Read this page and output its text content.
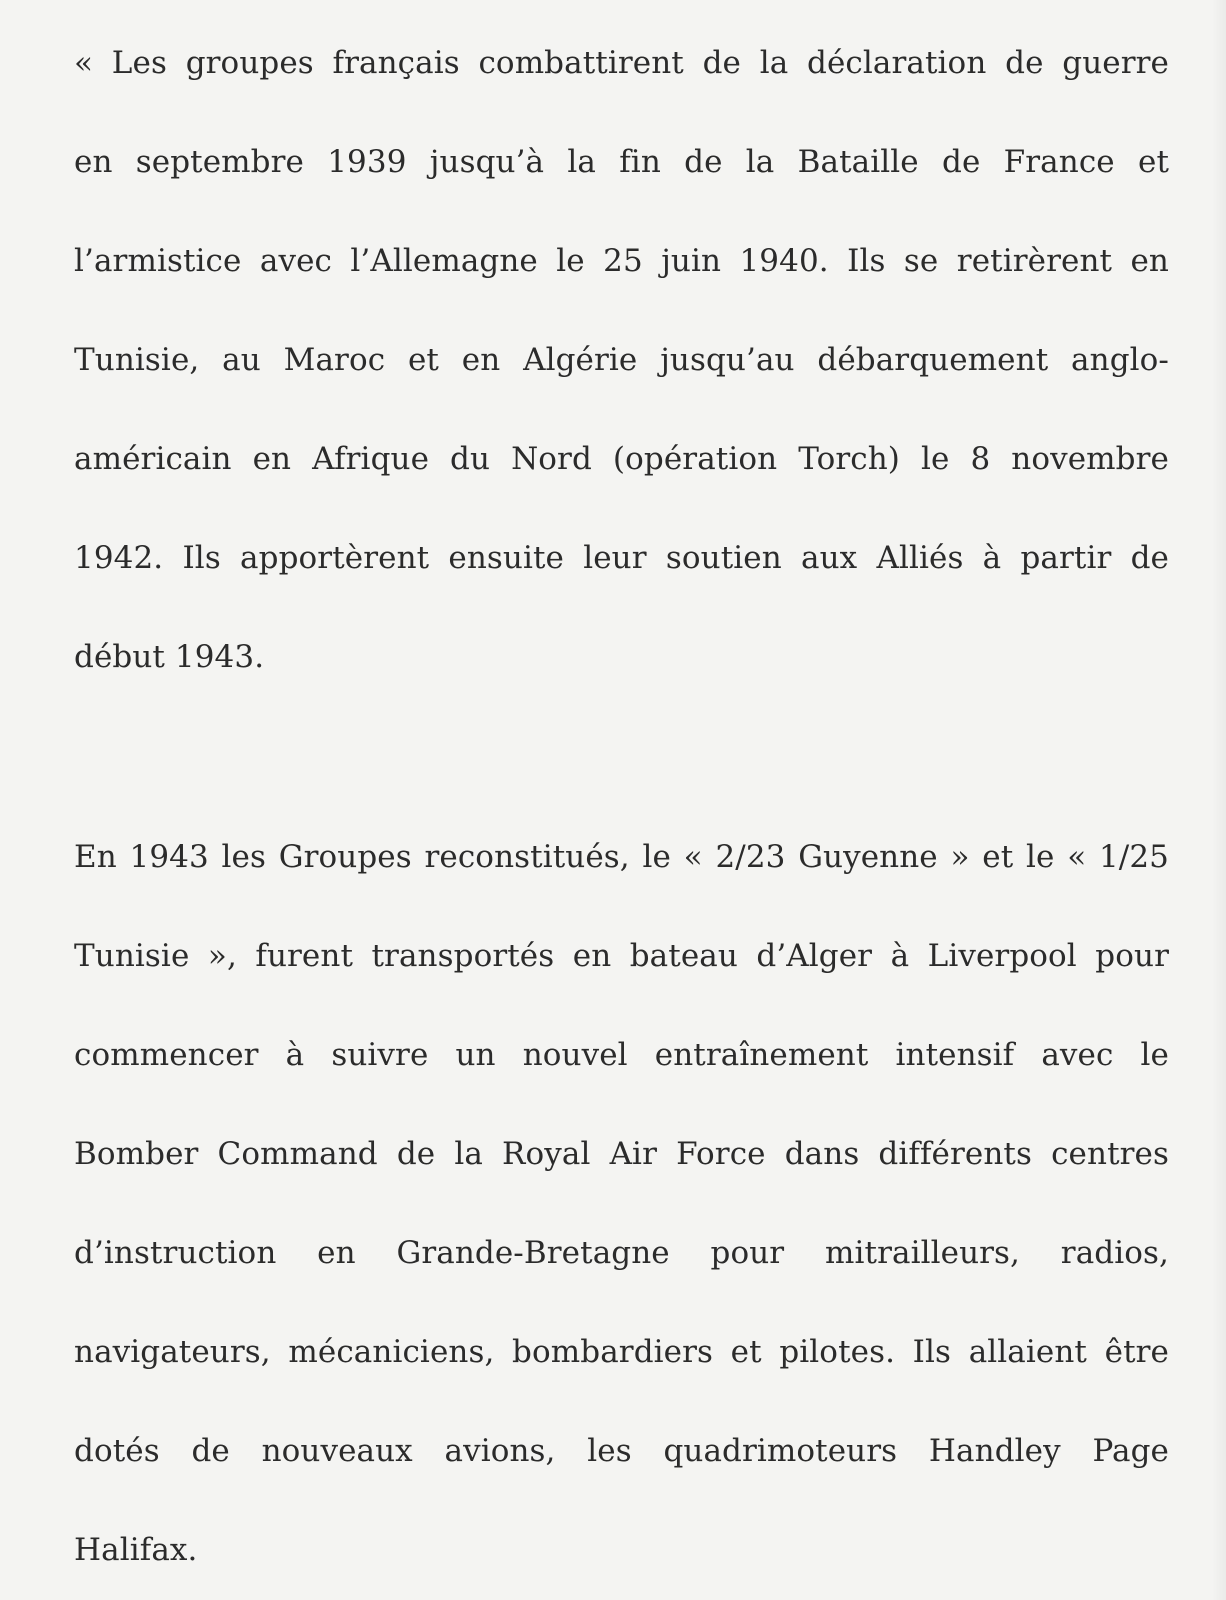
« Les groupes français combattirent de la déclaration de guerre
en septembre 1939 jusqu’à la fin de la Bataille de France et
l’armistice avec l’Allemagne le 25 juin 1940. Ils se retirèrent en
Tunisie, au Maroc et en Algérie jusqu’au débarquement anglo-
américain en Afrique du Nord (opération Torch) le 8 novembre
1942. Ils apportèrent ensuite leur soutien aux Alliés à partir de
début 1943.
En 1943 les Groupes reconstitués, le « 2/23 Guyenne » et le « 1/25
Tunisie », furent transportés en bateau d’Alger à Liverpool pour
commencer à suivre un nouvel entraînement intensif avec le
Bomber Command de la Royal Air Force dans différents centres
d’instruction en Grande-Bretagne pour mitrailleurs, radios,
navigateurs, mécaniciens, bombardiers et pilotes. Ils allaient être
dotés de nouveaux avions, les quadrimoteurs Handley Page
Halifax.
